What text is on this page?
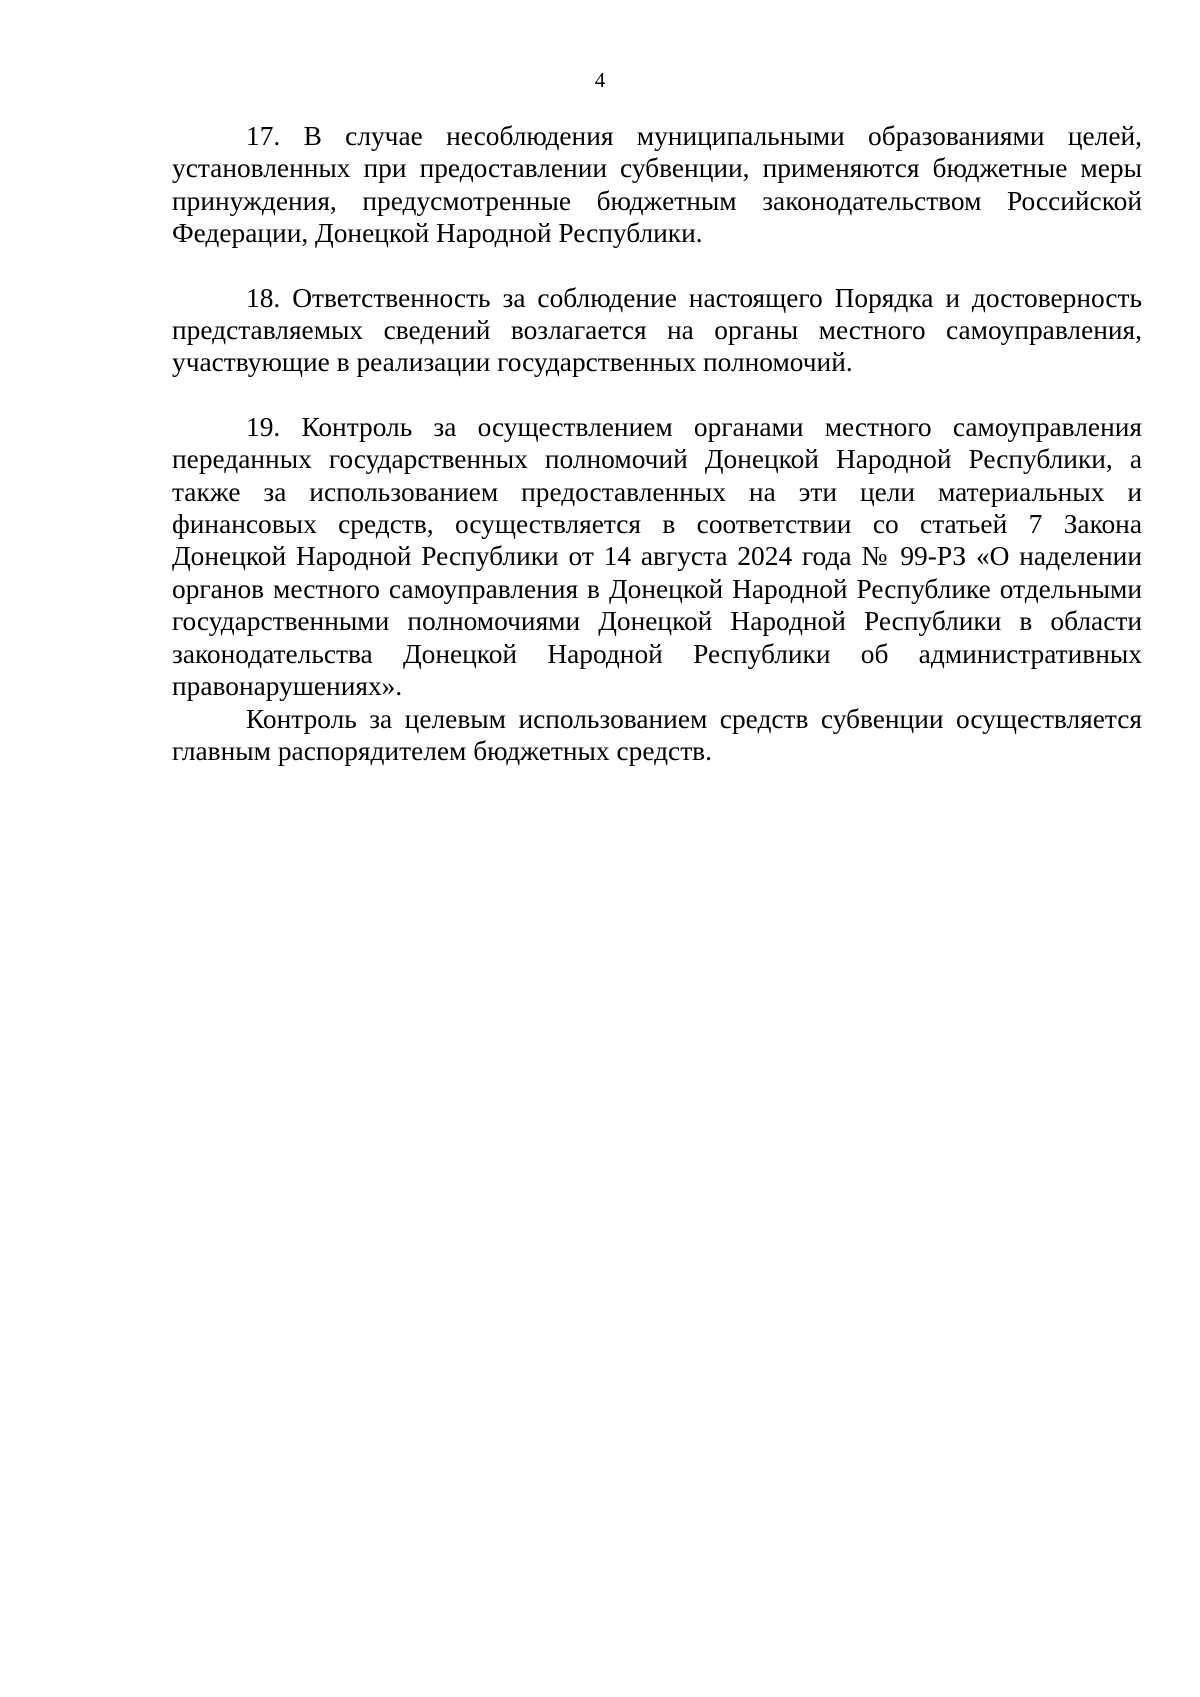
4

17. В случае несоблюдения муниципальными образованиями целей, установленных при предоставлении субвенции, применяются бюджетные меры принуждения, предусмотренные бюджетным законодательством Российской Федерации, Донецкой Народной Республики.

18. Ответственность за соблюдение настоящего Порядка и достоверность представляемых сведений возлагается на органы местного самоуправления, участвующие в реализации государственных полномочий.

19. Контроль за осуществлением органами местного самоуправления переданных государственных полномочий Донецкой Народной Республики, а также за использованием предоставленных на эти цели материальных и финансовых средств, осуществляется в соответствии со статьей 7 Закона Донецкой Народной Республики от 14 августа 2024 года № 99-РЗ «О наделении органов местного самоуправления в Донецкой Народной Республике отдельными государственными полномочиями Донецкой Народной Республики в области законодательства Донецкой Народной Республики об административных правонарушениях».

Контроль за целевым использованием средств субвенции осуществляется главным распорядителем бюджетных средств.
